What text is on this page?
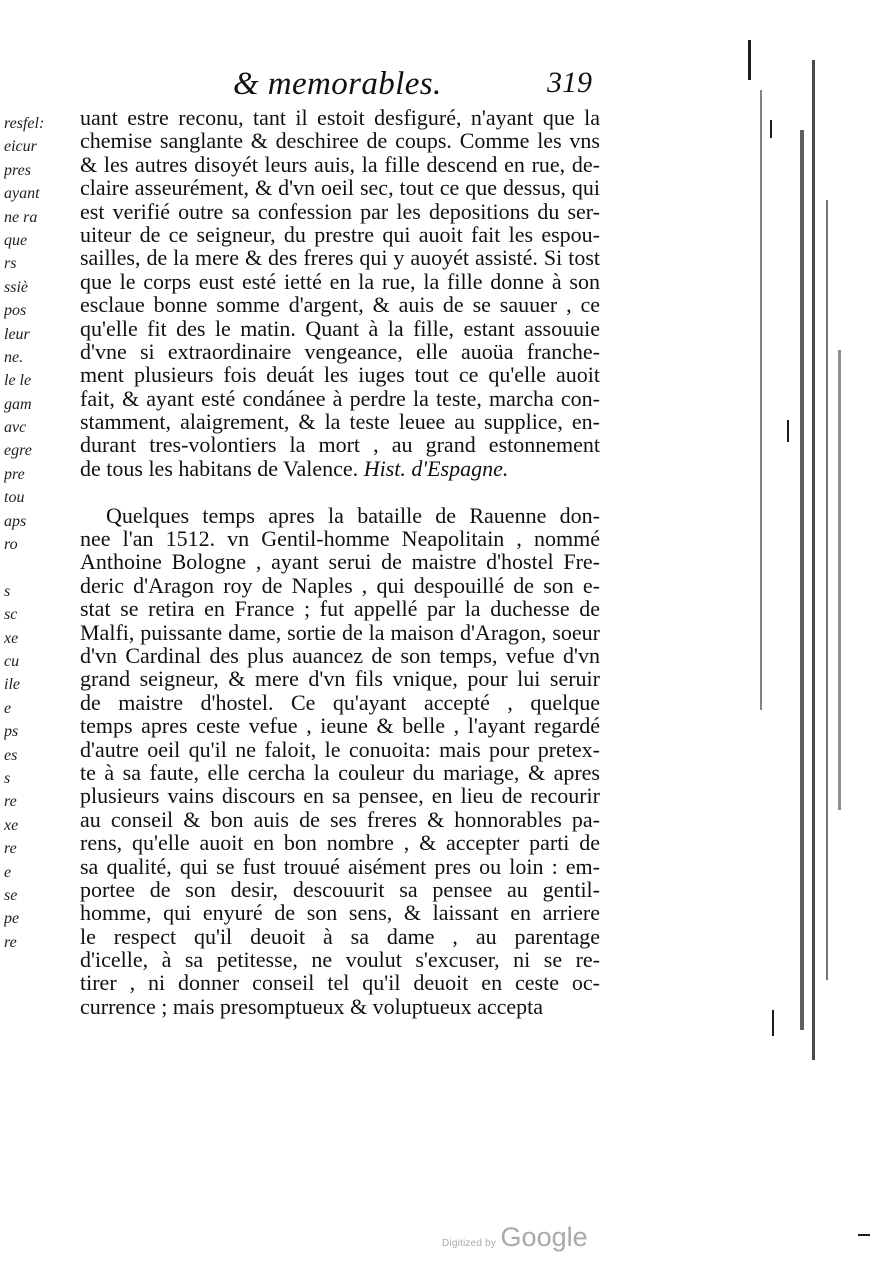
resfel:
eicur
pres
ayant
ne ra
que
rs
ssiè
pos
leur
ne.
le le
gam
avc
egre
pre
tou
aps
ro
s
sc
xe
cu
ile
e
ps
es
s
re
xe
re
e
se
pe
re
& memorables.	319
uant estre reconu, tant il estoit desfiguré, n'ayant que la
chemise sanglante & deschiree de coups. Comme les vns
& les autres disoyét leurs auis, la fille descend en rue, de-
claire asseurément, & d'vn oeil sec, tout ce que dessus, qui
est verifié outre sa confession par les depositions du ser-
uiteur de ce seigneur, du prestre qui auoit fait les espou-
sailles, de la mere & des freres qui y auoyét assisté. Si tost
que le corps eust esté ietté en la rue, la fille donne à son
esclaue bonne somme d'argent, & auis de se sauuer , ce
qu'elle fit des le matin. Quant à la fille, estant assouuie
d'vne si extraordinaire vengeance, elle auoüa franche-
ment plusieurs fois deuát les iuges tout ce qu'elle auoit
fait, & ayant esté condánee à perdre la teste, marcha con-
stamment, alaigrement, & la teste leuee au supplice, en-
durant tres-volontiers la mort , au grand estonnement
de tous les habitans de Valence. Hist. d'Espagne.
Quelques temps apres la bataille de Rauenne don-
nee l'an 1512. vn Gentil-homme Neapolitain , nommé
Anthoine Bologne , ayant serui de maistre d'hostel Fre-
deric d'Aragon roy de Naples , qui despouillé de son e-
stat se retira en France ; fut appellé par la duchesse de
Malfi, puissante dame, sortie de la maison d'Aragon, soeur
d'vn Cardinal des plus auancez de son temps, vefue d'vn
grand seigneur, & mere d'vn fils vnique, pour lui seruir
de maistre d'hostel. Ce qu'ayant accepté , quelque
temps apres ceste vefue , ieune & belle , l'ayant regardé
d'autre oeil qu'il ne faloit, le conuoita: mais pour pretex-
te à sa faute, elle cercha la couleur du mariage, & apres
plusieurs vains discours en sa pensee, en lieu de recourir
au conseil & bon auis de ses freres & honnorables pa-
rens, qu'elle auoit en bon nombre , & accepter parti de
sa qualité, qui se fust trouué aisément pres ou loin : em-
portee de son desir, descouurit sa pensee au gentil-
homme, qui enyuré de son sens, & laissant en arriere
le respect qu'il deuoit à sa dame , au parentage
d'icelle, à sa petitesse, ne voulut s'excuser, ni se re-
tirer , ni donner conseil tel qu'il deuoit en ceste oc-
currence ; mais presomptueux & voluptueux accepta
Digitized by Google
